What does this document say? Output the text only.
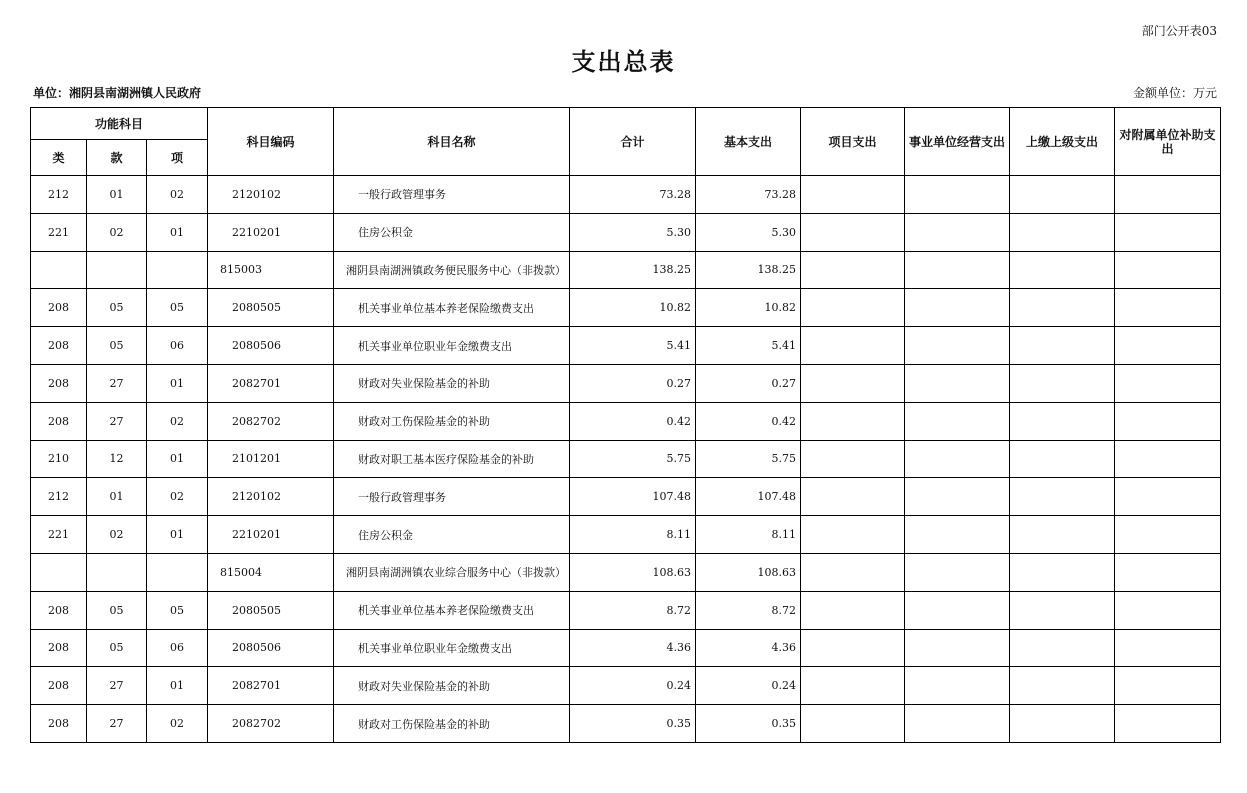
部门公开表03
支出总表
单位：湘阴县南湖洲镇人民政府	金额单位：万元
功能科目			科目编码	科目名称	合计	基本支出	项目支出	事业单位经营支出	上缴上级支出	对附属单位补助支出
类	款	项								
212	01	02	2120102	一般行政管理事务	73.28	73.28				
221	02	01	2210201	住房公积金	5.30	5.30				
			815003	湘阴县南湖洲镇政务便民服务中心（非拨款）	138.25	138.25				
208	05	05	2080505	机关事业单位基本养老保险缴费支出	10.82	10.82				
208	05	06	2080506	机关事业单位职业年金缴费支出	5.41	5.41				
208	27	01	2082701	财政对失业保险基金的补助	0.27	0.27				
208	27	02	2082702	财政对工伤保险基金的补助	0.42	0.42				
210	12	01	2101201	财政对职工基本医疗保险基金的补助	5.75	5.75				
212	01	02	2120102	一般行政管理事务	107.48	107.48				
221	02	01	2210201	住房公积金	8.11	8.11				
			815004	湘阴县南湖洲镇农业综合服务中心（非拨款）	108.63	108.63				
208	05	05	2080505	机关事业单位基本养老保险缴费支出	8.72	8.72				
208	05	06	2080506	机关事业单位职业年金缴费支出	4.36	4.36				
208	27	01	2082701	财政对失业保险基金的补助	0.24	0.24				
208	27	02	2082702	财政对工伤保险基金的补助	0.35	0.35				
